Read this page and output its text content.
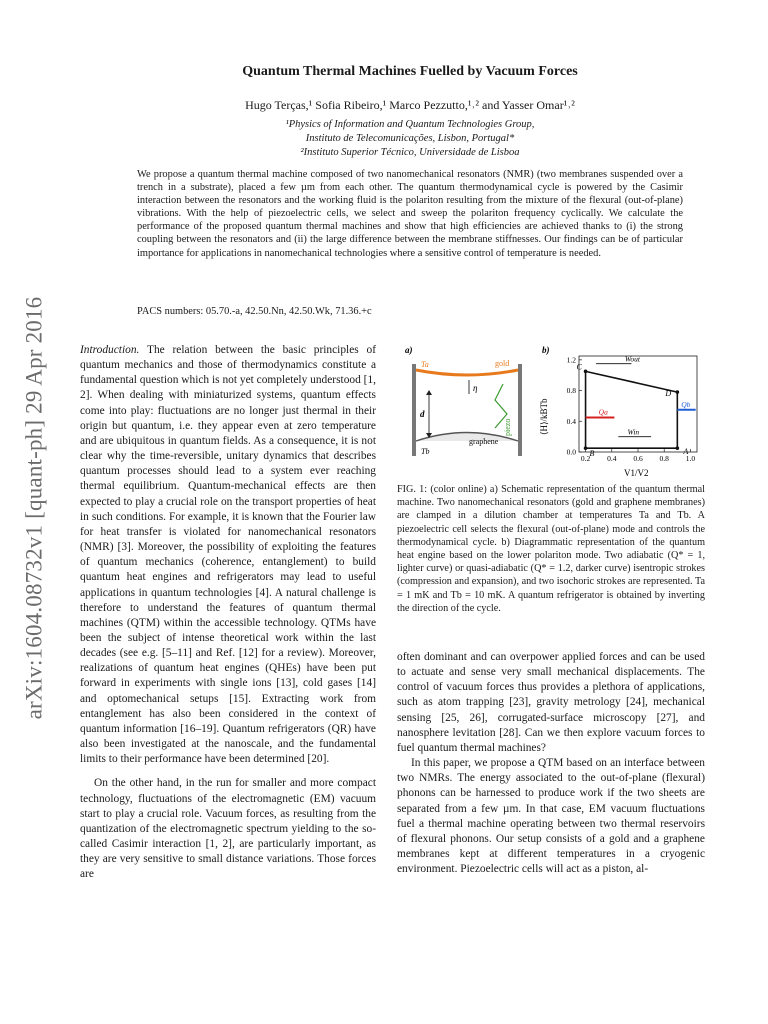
arXiv:1604.08732v1 [quant-ph] 29 Apr 2016
Quantum Thermal Machines Fuelled by Vacuum Forces

Hugo Terças,¹ Sofia Ribeiro,¹ Marco Pezzutto,¹˒² and Yasser Omar¹˒²

¹Physics of Information and Quantum Technologies Group,

Instituto de Telecomunicações, Lisbon, Portugal*

²Instituto Superior Técnico, Universidade de Lisboa

We propose a quantum thermal machine composed of two nanomechanical resonators (NMR) (two membranes suspended over a trench in a substrate), placed a few µm from each other. The quantum thermodynamical cycle is powered by the Casimir interaction between the resonators and the working fluid is the polariton resulting from the mixture of the flexural (out-of-plane) vibrations. With the help of piezoelectric cells, we select and sweep the polariton frequency cyclically. We calculate the performance of the proposed quantum thermal machines and show that high efficiencies are achieved thanks to (i) the strong coupling between the resonators and (ii) the large difference between the membrane stiffnesses. Our findings can be of particular importance for applications in nanomechanical technologies where a sensitive control of temperature is needed.

PACS numbers: 05.70.-a, 42.50.Nn, 42.50.Wk, 71.36.+c

Introduction. The relation between the basic principles of quantum mechanics and those of thermodynamics constitute a fundamental question which is not yet completely understood [1, 2]. When dealing with miniaturized systems, quantum effects come into play: fluctuations are no longer just thermal in their origin but quantum, i.e. they appear even at zero temperature and are ubiquitous in quantum fields. As a consequence, it is not clear why the time-reversible, unitary dynamics that describes quantum processes should lead to a system ever reaching thermal equilibrium. Quantum-mechanical effects are then expected to play a crucial role on the transport properties of heat in such conditions. For example, it is known that the Fourier law for heat transfer is violated for nanomechanical resonators (NMR) [3]. Moreover, the possibility of exploiting the features of quantum mechanics (coherence, entanglement) to build quantum heat engines and refrigerators may lead to useful applications in quantum technologies [4]. A natural challenge is therefore to understand the features of quantum thermal machines (QTM) within the accessible technology. QTMs have been the subject of intense theoretical work within the last decades (see e.g. [5–11] and Ref. [12] for a review). Moreover, realizations of quantum heat engines (QHEs) have been put forward in experiments with single ions [13], cold gases [14] and optomechanical setups [15]. Extracting work from entanglement has also been considered in the context of quantum information [16–19]. Quantum refrigerators (QR) have also been investigated at the nanoscale, and the fundamental limits to their performance have been determined [20].

On the other hand, in the run for smaller and more compact technology, fluctuations of the electromagnetic (EM) vacuum start to play a crucial role. Vacuum forces, as resulting from the quantization of the electromagnetic spectrum yielding to the so-called Casimir interaction [1, 2], are particularly important, as they are very sensitive to small distance variations. Those forces are

a)
d
η
Ta	gold
Tb
graphene
piezo
b)
⟨H⟩/kBTb
0.2 0.4 0.6 0.8 1.0
0.0
0.4
0.8
1.2
A
B
C
D
Wout
Win
Qa
Qb
V1/V2

FIG. 1: (color online) a) Schematic representation of the quantum thermal machine. Two nanomechanical resonators (gold and graphene membranes) are clamped in a dilution chamber at temperatures Ta and Tb. A piezoelectric cell selects the flexural (out-of-plane) mode and controls the thermodynamical cycle. b) Diagrammatic representation of the quantum heat engine based on the lower polariton mode. Two adiabatic (Q* = 1, lighter curve) or quasi-adiabatic (Q* = 1.2, darker curve) isentropic strokes (compression and expansion), and two isochoric strokes are represented. Ta = 1 mK and Tb = 10 mK. A quantum refrigerator is obtained by inverting the direction of the cycle.

often dominant and can overpower applied forces and can be used to actuate and sense very small mechanical displacements. The control of vacuum forces thus provides a plethora of applications, such as atom trapping [23], gravity metrology [24], mechanical sensing [25, 26], corrugated-surface microscopy [27], and nanosphere levitation [28]. Can we then explore vacuum forces to fuel quantum thermal machines?

In this paper, we propose a QTM based on an interface between two NMRs. The energy associated to the out-of-plane (flexural) phonons can be harnessed to produce work if the two sheets are separated from a few µm. In that case, EM vacuum fluctuations fuel a thermal machine operating between two thermal reservoirs of flexural phonons. Our setup consists of a gold and a graphene membranes kept at different temperatures in a cryogenic environment. Piezoelectric cells will act as a piston, al-
